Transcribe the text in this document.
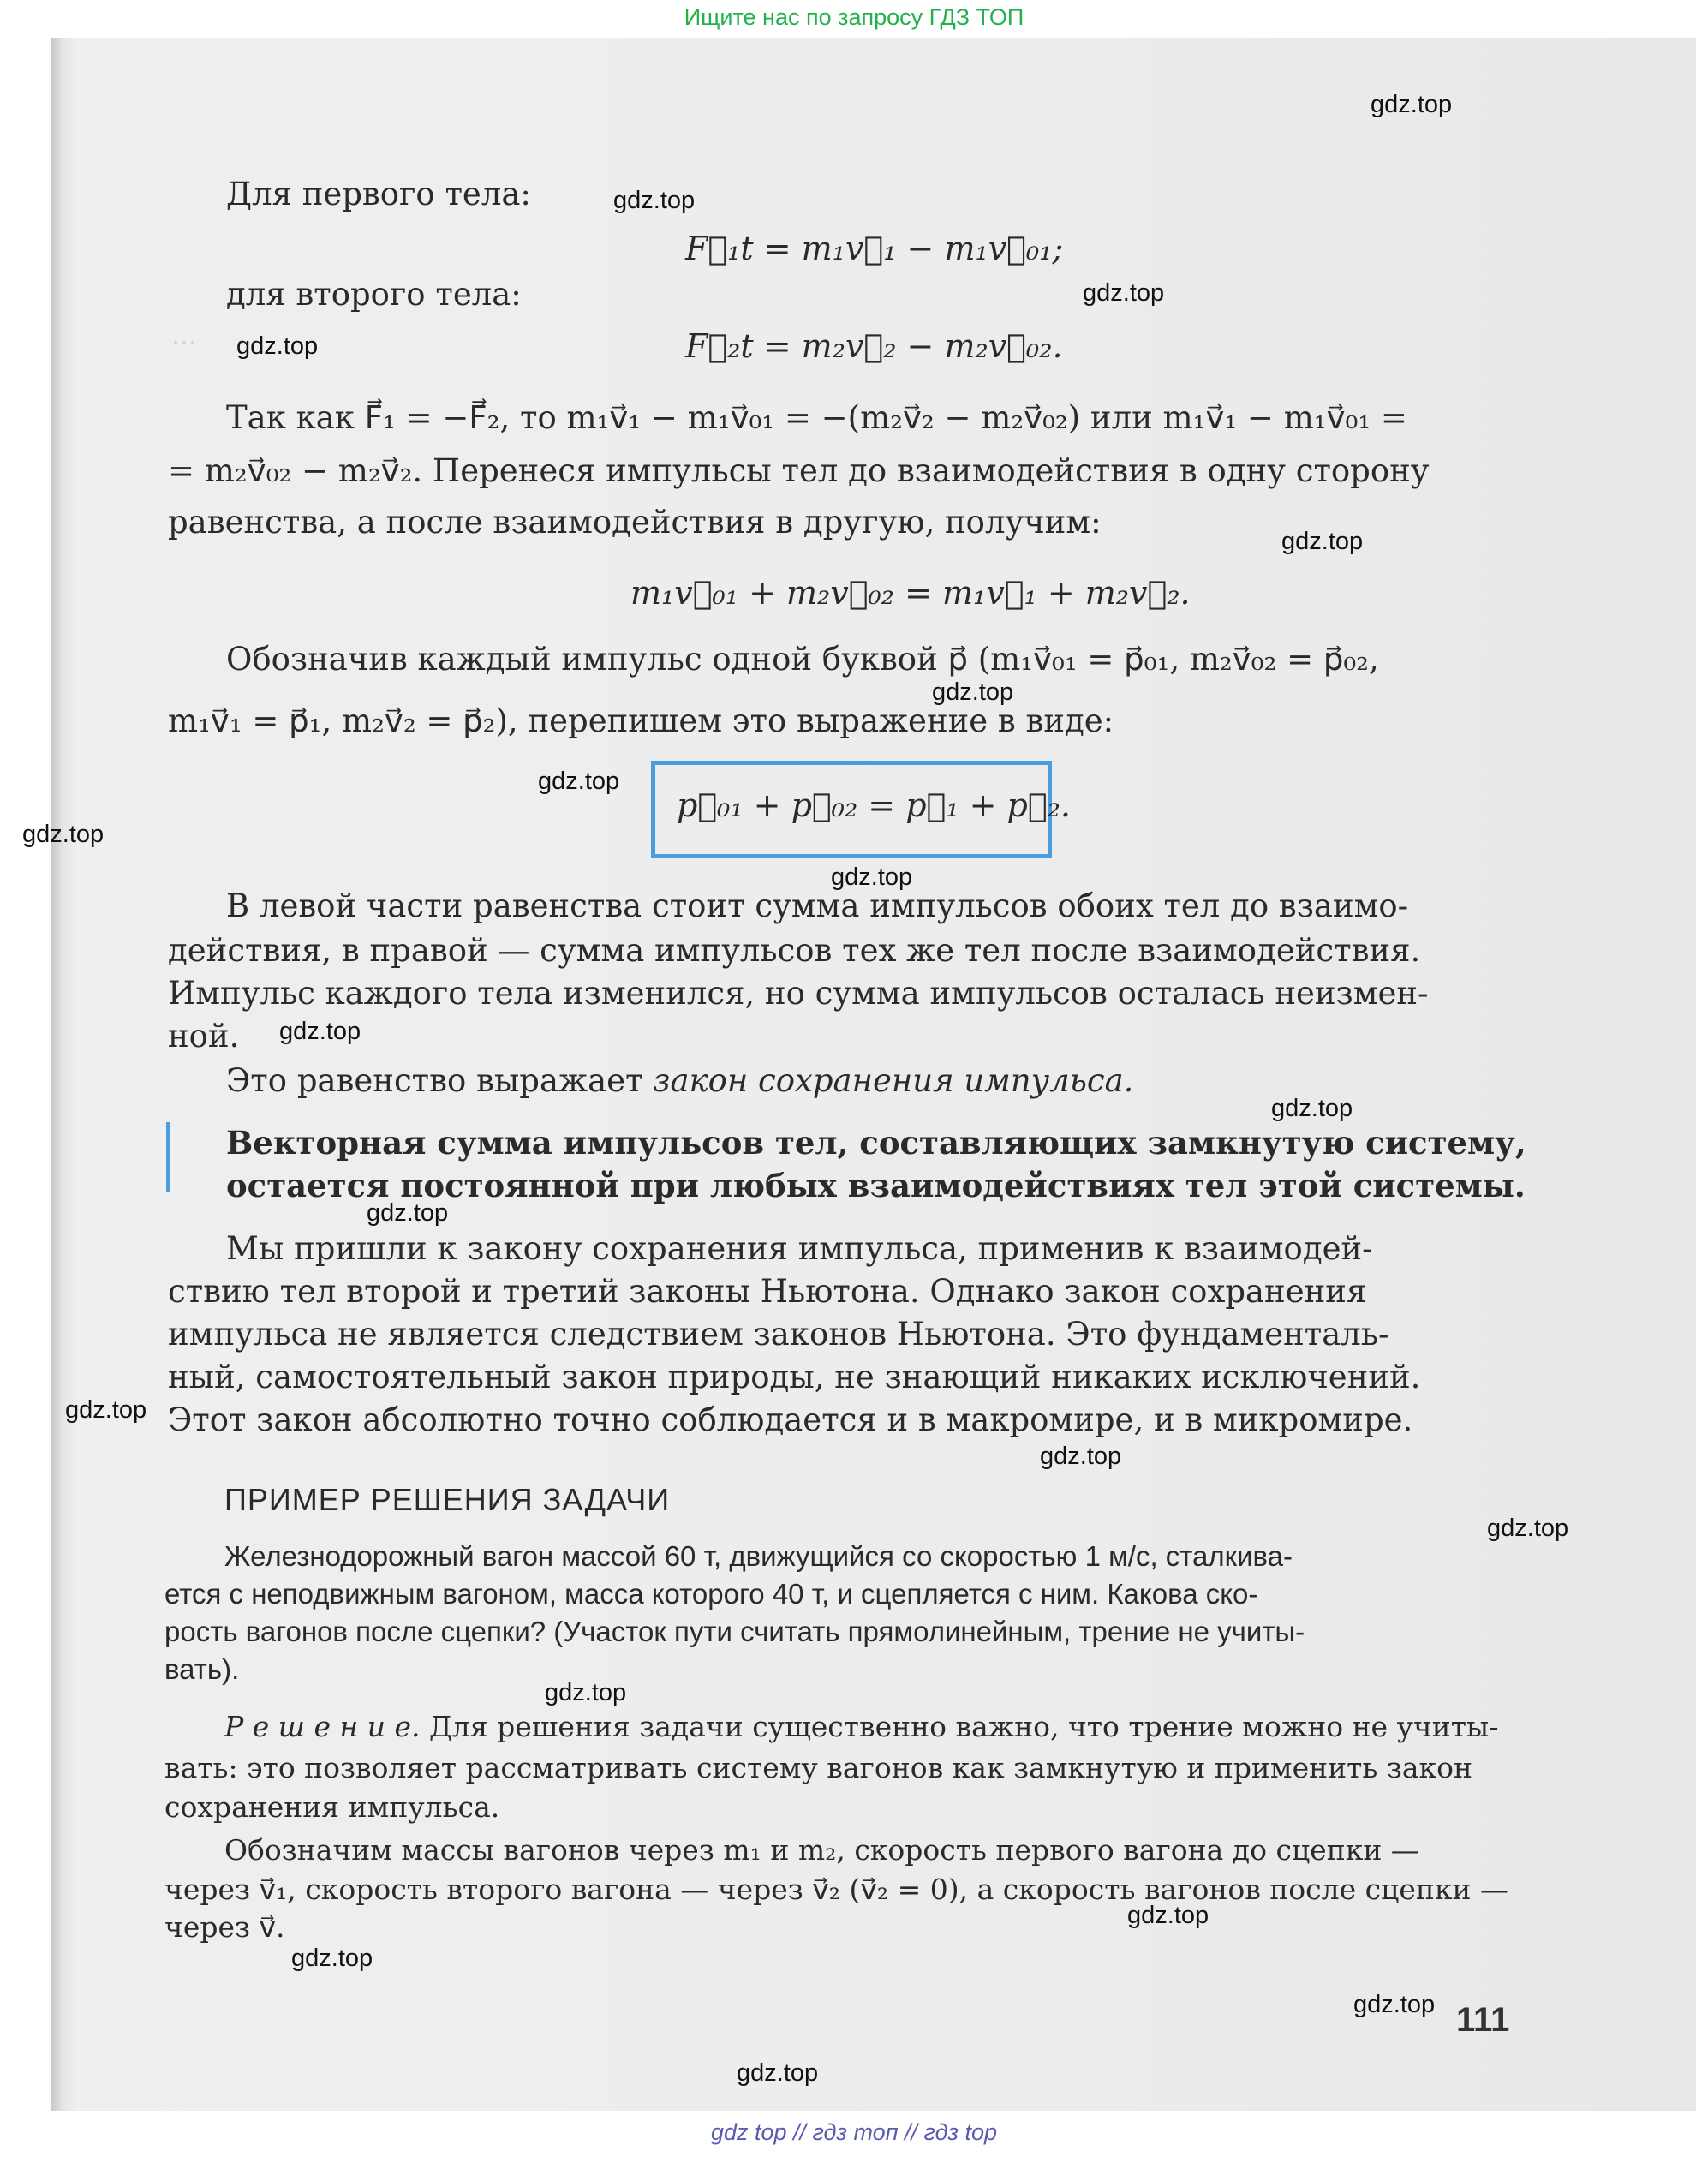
Ищите нас по запросу ГДЗ ТОП
…
Для первого тела:
F⃗₁t = m₁v⃗₁ − m₁v⃗₀₁;
для второго тела:
F⃗₂t = m₂v⃗₂ − m₂v⃗₀₂.
Так как F⃗₁ = −F⃗₂, то m₁v⃗₁ − m₁v⃗₀₁ = −(m₂v⃗₂ − m₂v⃗₀₂) или m₁v⃗₁ − m₁v⃗₀₁ =
= m₂v⃗₀₂ − m₂v⃗₂. Перенеся импульсы тел до взаимодействия в одну сторону
равенства, а после взаимодействия в другую, получим:
m₁v⃗₀₁ + m₂v⃗₀₂ = m₁v⃗₁ + m₂v⃗₂.
Обозначив каждый импульс одной буквой p⃗ (m₁v⃗₀₁ = p⃗₀₁, m₂v⃗₀₂ = p⃗₀₂,
m₁v⃗₁ = p⃗₁, m₂v⃗₂ = p⃗₂), перепишем это выражение в виде:
p⃗₀₁ + p⃗₀₂ = p⃗₁ + p⃗₂.
В левой части равенства стоит сумма импульсов обоих тел до взаимо-
действия, в правой — сумма импульсов тех же тел после взаимодействия.
Импульс каждого тела изменился, но сумма импульсов осталась неизмен-
ной.
Это равенство выражает закон сохранения импульса.
Векторная сумма импульсов тел, составляющих замкнутую систему,
остается постоянной при любых взаимодействиях тел этой системы.
Мы пришли к закону сохранения импульса, применив к взаимодей-
ствию тел второй и третий законы Ньютона. Однако закон сохранения
импульса не является следствием законов Ньютона. Это фундаменталь-
ный, самостоятельный закон природы, не знающий никаких исключений.
Этот закон абсолютно точно соблюдается и в макромире, и в микромире.
ПРИМЕР РЕШЕНИЯ ЗАДАЧИ
Железнодорожный вагон массой 60 т, движущийся со скоростью 1 м/с, сталкива-
ется с неподвижным вагоном, масса которого 40 т, и сцепляется с ним. Какова ско-
рость вагонов после сцепки? (Участок пути считать прямолинейным, трение не учиты-
вать).
Р е ш е н и е. Для решения задачи существенно важно, что трение можно не учиты-
вать: это позволяет рассматривать систему вагонов как замкнутую и применить закон
сохранения импульса.
Обозначим массы вагонов через m₁ и m₂, скорость первого вагона до сцепки —
через v⃗₁, скорость второго вагона — через v⃗₂ (v⃗₂ = 0), а скорость вагонов после сцепки —
через v⃗.
111
gdz.top
gdz.top
gdz.top
gdz.top
gdz.top
gdz.top
gdz.top
gdz.top
gdz.top
gdz.top
gdz.top
gdz.top
gdz.top
gdz.top
gdz.top
gdz.top
gdz.top
gdz.top
gdz.top
gdz.top
gdz top // гдз топ // гдз top
